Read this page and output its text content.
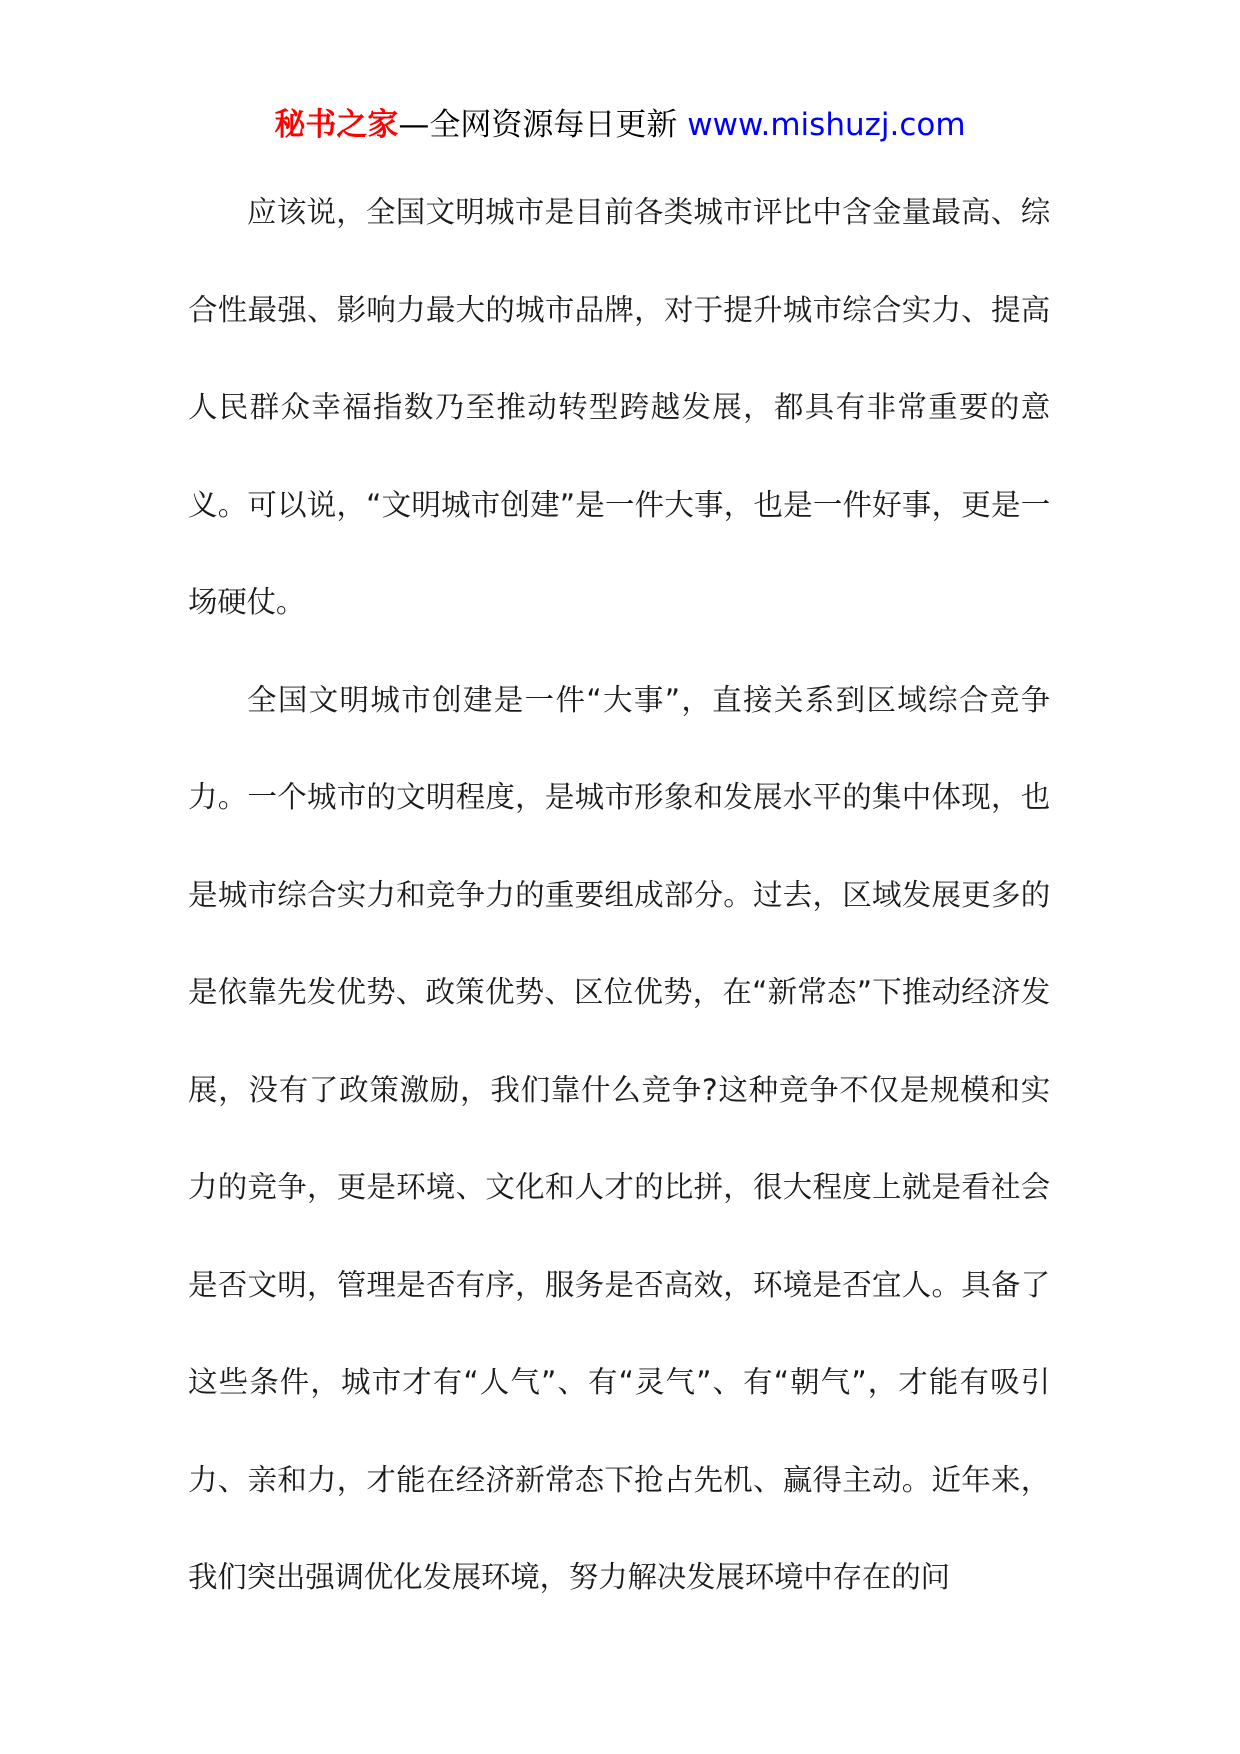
秘书之家—全网资源每日更新 www.mishuzj.com

应该说，全国文明城市是目前各类城市评比中含金量最高、综合性最强、影响力最大的城市品牌，对于提升城市综合实力、提高人民群众幸福指数乃至推动转型跨越发展，都具有非常重要的意义。可以说，“文明城市创建”是一件大事，也是一件好事，更是一场硬仗。

全国文明城市创建是一件“大事”，直接关系到区域综合竞争力。一个城市的文明程度，是城市形象和发展水平的集中体现，也是城市综合实力和竞争力的重要组成部分。过去，区域发展更多的是依靠先发优势、政策优势、区位优势，在“新常态”下推动经济发展，没有了政策激励，我们靠什么竞争?这种竞争不仅是规模和实力的竞争，更是环境、文化和人才的比拼，很大程度上就是看社会是否文明，管理是否有序，服务是否高效，环境是否宜人。具备了这些条件，城市才有“人气”、有“灵气”、有“朝气”，才能有吸引力、亲和力，才能在经济新常态下抢占先机、赢得主动。近年来，我们突出强调优化发展环境，努力解决发展环境中存在的问
